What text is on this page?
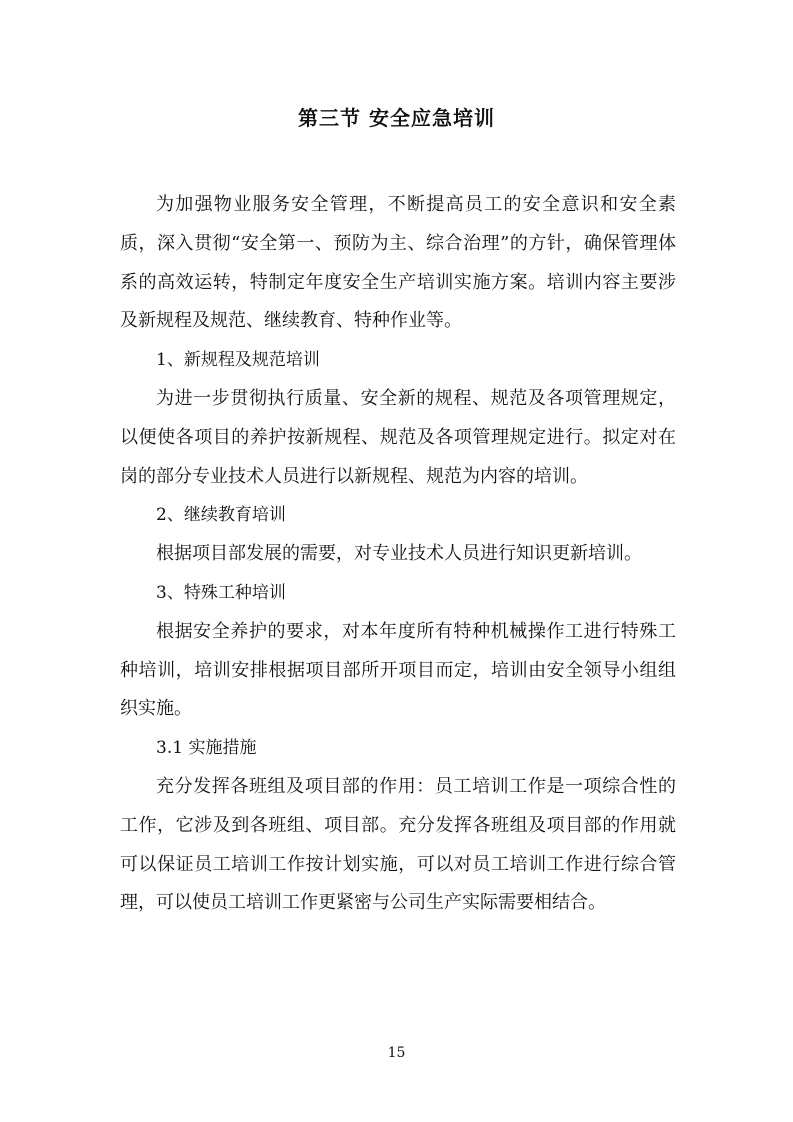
第三节 安全应急培训

为加强物业服务安全管理，不断提高员工的安全意识和安全素质，深入贯彻“安全第一、预防为主、综合治理”的方针，确保管理体系的高效运转，特制定年度安全生产培训实施方案。培训内容主要涉及新规程及规范、继续教育、特种作业等。

1、新规程及规范培训

为进一步贯彻执行质量、安全新的规程、规范及各项管理规定，以便使各项目的养护按新规程、规范及各项管理规定进行。拟定对在岗的部分专业技术人员进行以新规程、规范为内容的培训。

2、继续教育培训

根据项目部发展的需要，对专业技术人员进行知识更新培训。

3、特殊工种培训

根据安全养护的要求，对本年度所有特种机械操作工进行特殊工种培训，培训安排根据项目部所开项目而定，培训由安全领导小组组织实施。

3.1 实施措施

充分发挥各班组及项目部的作用：员工培训工作是一项综合性的工作，它涉及到各班组、项目部。充分发挥各班组及项目部的作用就可以保证员工培训工作按计划实施，可以对员工培训工作进行综合管理，可以使员工培训工作更紧密与公司生产实际需要相结合。

15
